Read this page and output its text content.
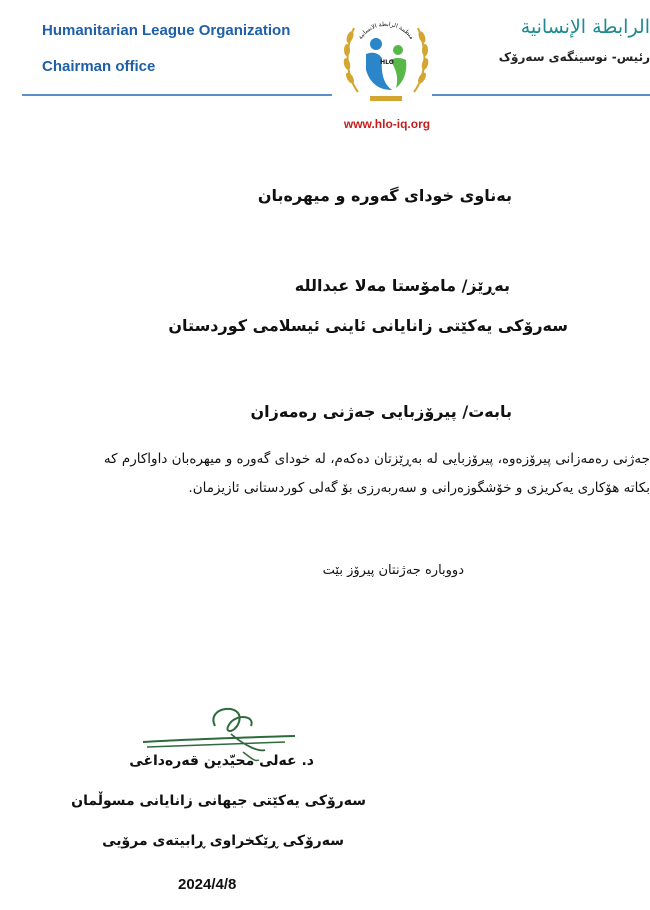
Humanitarian League Organization
Chairman office
الرابطة الإنسانية
رئيس- نوسينگەی سەرۆک
منظمة الرابطة الانسانية
HLO
www.hlo-iq.org
بەناوی خودای گەورە و میهرەبان
بەڕێز/ مامۆستا مەلا عبدالله
سەرۆکی یەکێتی زانایانی ئاینی ئیسلامی کوردستان
بابەت/ پیرۆزبایی جەژنی رەمەزان
جەژنی رەمەزانی پیرۆزەوە، پیرۆزبایی لە بەڕێزتان دەکەم، لە خودای گەورە و میهرەبان داواکارم کە
بکاتە هۆکاری یەکریزی و خۆشگوزەرانی و سەربەرزی بۆ گەلی کوردستانی ئازیزمان.
دووبارە جەژنتان پیرۆز بێت
د. عەلی محیّدین قەرەداغی
سەرۆکی یەکێتی جیهانی زانایانی مسوڵمان
سەرۆکی ڕێکخراوی ڕابیتەی مرۆیی
2024/4/8
